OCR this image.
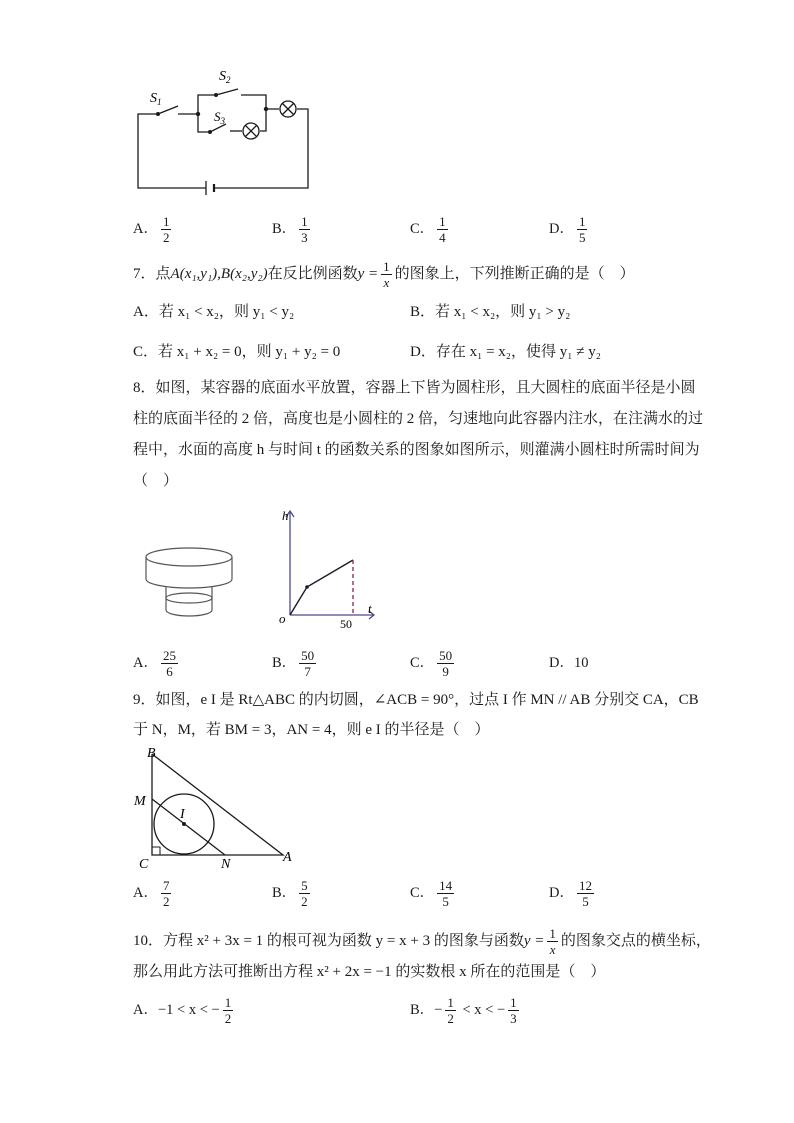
$S_1$
$S_2$
$S_3$
A． $\frac{1}{2}$	B． $\frac{1}{3}$	C． $\frac{1}{4}$	D． $\frac{1}{5}$
7．点A(x₁,y₁),B(x₂,y₂)在反比例函数$y = \frac{1}{x}$ 的图象上，下列推断正确的是（　）
A．若 x₁ < x₂，则 y₁ < y₂	B．若 x₁ < x₂，则 y₁ > y₂
C．若 x₁ + x₂ = 0，则 y₁ + y₂ = 0	D．存在 x₁ = x₂，使得 y₁ ≠ y₂
8．如图，某容器的底面水平放置，容器上下皆为圆柱形，且大圆柱的底面半径是小圆
柱的底面半径的 2 倍，高度也是小圆柱的 2 倍，匀速地向此容器内注水，在注满水的过
程中，水面的高度 h 与时间 t 的函数关系的图象如图所示，则灌满小圆柱时所需时间为
（　）
h
t
o	50
A． $\frac{25}{6}$	B． $\frac{50}{7}$	C． $\frac{50}{9}$	D．10
9．如图，e I 是 Rt△ABC 的内切圆，∠ACB = 90°，过点 I 作 MN // AB 分别交 CA，CB
于 N，M，若 BM = 3，AN = 4，则 e I 的半径是（　）
B
M
I
C	N	A
A． $\frac{7}{2}$	B． $\frac{5}{2}$	C． $\frac{14}{5}$	D． $\frac{12}{5}$
10．方程 x² + 3x = 1 的根可视为函数 y = x + 3 的图象与函数$y = \frac{1}{x}$ 的图象交点的横坐标，
那么用此方法可推断出方程 x² + 2x = −1 的实数根 x 所在的范围是（　）
A．−1 < x < − $\frac{1}{2}$	B．− $\frac{1}{2} < x$ < − $\frac{1}{3}$
